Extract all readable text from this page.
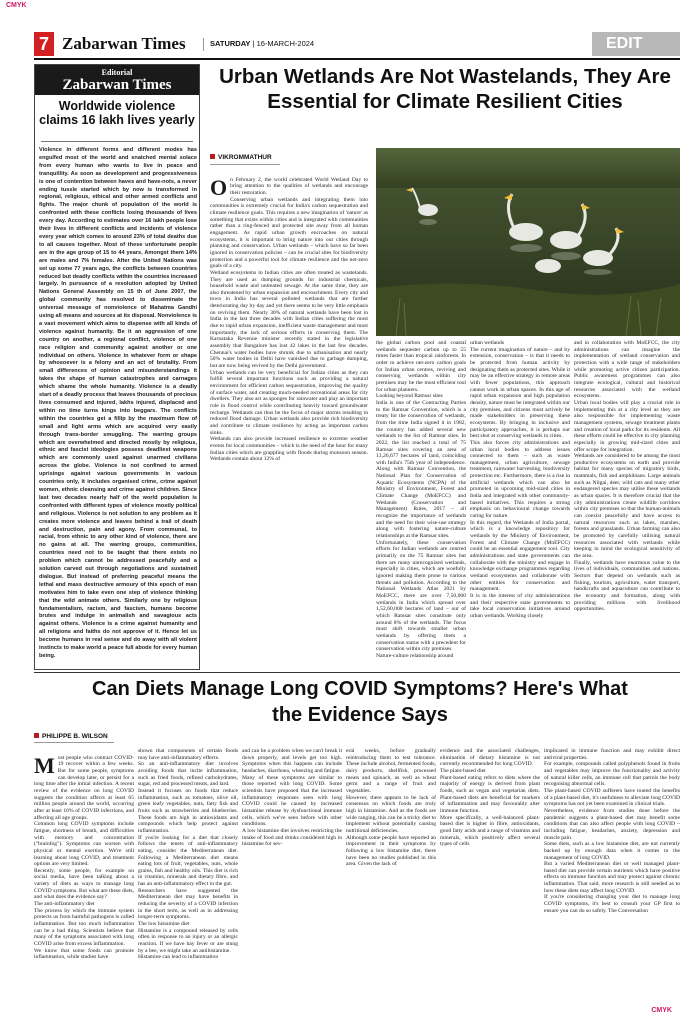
CMYK
7 Zabarwan Times	SATURDAY | 16-MARCH-2024	EDIT
Editorial
Zabarwan Times
Worldwide violence claims 16 lakh lives yearly
Violence in different forms and different modes has engulfed most of the world and snatched mental solace from every human who wants to live in peace and tranquillity. As soon as development and progressiveness is one of contention between haves and have-nots, a never ending tussle started which by now is transformed in regional, religious, ethical and other armed conflicts and fights. The major chunk of population of the world is confronted with these conflicts losing thousands of lives every day. According to estimates over 16 lakh people lose their lives in different conflicts and incidents of violence every year which comes to around 23% of total deaths due to all causes together. Most of these unfortunate people are in the age group of 15 to 44 years. Amongst them 14% are males and 7% females. After the United Nations was set up some 77 years ago, the conflicts between countries reduced but deadly conflicts within the countries increased largely. In pursuance of a resolution adopted by United Nations General Assembly on 15 th of June 2007, the global community has resolved to disseminate the universal message of nonviolence of Mahatma Gandhi using all means and sources at its disposal. Nonviolence is a vast movement which aims to dispense with all kinds of violence against humanity. Be it an aggression of one country on another, a regional conflict, violence of one race religion and community against another or one individual on others. Violence in whatever form or shape by whosoever is a felony and an act of brutality. From small differences of opinion and misunderstandings it takes the shape of human catastrophes and carnages which shame the whole humanity. Violence is a deadly start of a deadly process that leaves thousands of precious lives consumed and injured, lakhs injured, displaced and within no time turns kings into beggars. The conflicts within the countries get a fillip by the maximum flow of small and light arms which are acquired very easily through trans-border smuggling. The warring groups which are overwhelmed and directed mostly by religious, ethnic and fascist ideologies possess deadliest weapons which are commonly used against unarmed civilians across the globe. Violence is not confined to armed uprisings against various governments in various countries only, it includes organised crime, crime against women, ethnic cleansing and crime against children. Since last two decades nearly half of the world population is confronted with different types of violence mostly political and religious. Violence is not solution to any problem as it creates more violence and leaves behind a trail of death and destruction, pain and agony. From communal, to racial, from ethnic to any other kind of violence, there are no gains at all. The warring groups, communities, countries need not to be taught that there exists no problem which cannot be addressed peacefully and a solution carved out through negotiations and sustained dialogue. But instead of preferring peaceful means the lethal and mass destructive armoury of this epoch of man motivates him to take even one step of violence thinking that the wild animate others. Similarly one by religious fundamentalism, racism, and fascism, humans become brutes and indulge in animalish and savagious acts against others. Violence is a crime against humanity and all religions and faiths do not approve of it. Hence let us become humans in real sense and do away with all violent instincts to make world a peace full abode for every human being.
Urban Wetlands Are Not Wastelands, They Are Essential for Climate Resilient Cities
VIKROMMATHUR

On February 2, the world celebrated World Wetland Day to bring attention to the qualities of wetlands and encourage their restoration.
Conserving urban wetlands and integrating them into communities is extremely crucial for India's carbon sequestration and climate resilience goals. This requires a new imagination of 'nature' as something that exists within cities and is integrated with communities rather than a ring-fenced and protected site away from all human engagement. As rapid urban growth encroaches on natural ecosystems, it is important to bring nature into our cities through planning and conservation. Urban wetlands – which have so far been ignored in conservation policies – can be crucial sites for biodiversity protection and a powerful tool for climate resilience and the net-zero goals of a city.
Wetland ecosystems in Indian cities are often treated as wastelands. They are used as dumping grounds for industrial chemicals, household waste and untreated sewage. At the same time, they are also threatened by urban expansion and encroachment. Every city and town in India has several polluted wetlands that are further deteriorating day by day and yet there seems to be very little emphasis on reviving them. Nearly 30% of natural wetlands have been lost in India in the last three decades with Indian cities suffering the most due to rapid urban expansion, inefficient waste management and most importantly, the lack of serious efforts in conserving them. The Karnataka Revenue minister recently stated in the legislative assembly that Bangalore has lost 42 lakes in the last few decades. Chennai's water bodies have shrunk due to urbanisation and nearly 50% water bodies in Delhi have vanished due to garbage dumping, but are now being revived by the Delhi government.
Urban wetlands can be very beneficial for Indian cities as they can fulfill several important functions such as providing a natural environment for efficient carbon sequestration, improving the quality of surface water, and creating much-needed recreational areas for city dwellers. They also act as sponges for rainwater and play an important role in flood control while contributing heavily toward groundwater recharge. Wetlands can thus be the focus of major storms resulting in reduced flood damage. Urban wetlands also provide rich biodiversity and contribute to climate resilience by acting as important carbon sinks.
Wetlands can also provide increased resilience to extreme weather events for local communities – which is the need of the hour for many Indian cities which are grappling with floods during monsoon season. Wetlands contain about 12% of

the global carbon pool and coastal wetlands sequester carbon up to 55 times faster than tropical rainforests. In order to achieve net-zero carbon goals for Indian urban centres, reviving and conserving wetlands within city premises may be the most efficient tool for urban planners.
Looking beyond Ramsar sites
India is one of the Contracting Parties to the Ramsar Convention, which is a treaty for the conservation of wetlands, from the time India signed it in 1982, the country has added several new wetlands to the list of Ramsar sites. In 2022, the list reached a total of 75 Ramsar sites covering an area of 13,26,677 hectares of land, coinciding with India's 75th year of independence. Along with Ramsar Convention, the National Plan for Conservation of Aquatic Ecosystems (NCPA) of the Ministry of Environment, Forest and Climate Change (MoEFCC) and Wetlands (Conservation and Management) Rules, 2017 – all recognize the importance of wetlands and the need for their wise-use strategy along with fostering nature-culture relationships at the Ramsar sites.
Unfortunately, these conservation efforts for Indian wetlands are centred primarily on the 75 Ramsar sites but there are many unrecognized wetlands, especially in cities, which are woefully ignored making them prone to various threats and pollution. According to the National Wetlands Atlas 2021 by MoEFCC, there are over 7,50,000 wetlands in India which spread over 1,52,60,000 hectares of land – out of which Ramsar sites constitute only around 8% of the wetlands. The focus must shift towards smaller urban wetlands by offering them a conservation status with a precedent for conservation within city premises.
Nature-culture relationship around
urban wetlands
The current imagination of nature – and by extension, conservation – is that it needs to be protected from human activity by designating them as protected sites. While it may be an effective strategy in remote areas with fewer populations, this approach cannot work in urban spaces. In this age of rapid urban expansion and high population density, nature must be integrated within our city premises, and citizens must actively be made stakeholders in preserving these ecosystems. By bringing in inclusive and participatory approaches, it is perhaps our best shot at conserving wetlands in cities.
This also forces city administrations and urban local bodies to address issues connected to them – such as waste management, urban agriculture, sewage treatment, rainwater harvesting, biodiversity protection etc. Furthermore, there is a rise in artificial wetlands which can also be promoted in upcoming mid-sized cities in India and integrated with other community-based initiatives. This requires a strong emphasis on behavioural change towards caring for nature.
In this regard, the Wetlands of India portal, which is a knowledge repository for wetlands by the Ministry of Environment, Forest and Climate Change (MoEFCC) could be an essential engagement tool. City administrations and state governments can collaborate with the ministry and engage in knowledge exchange programmes regarding wetland ecosystems and collaborate with other entities for conservation and management.
It is in the interest of city administrations and their respective state governments to take local conservation initiatives around urban wetlands. Working closely
and in collaboration with MoEFCC, the city administrations can imagine the implementation of wetland conservation and protection with a wide range of stakeholders while promoting active citizen participation. Public awareness programmes can also integrate ecological, cultural and historical resources associated with the wetland ecosystems.
Urban local bodies will play a crucial role in implementing this at a city level as they are also responsible for implementing waste management systems, sewage treatment plants and creation of local parks for its residents. All these efforts could be effective in city planning especially in growing mid-sized cities and offer scope for integration.
Wetlands are considered to be among the most productive ecosystems on earth and provide habitat for many species of migratory birds, mammals, fish and amphibians. Large animals such as Nilgai, deer, wild cats and many other endangered species may utilise these wetlands as urban spaces. It is therefore crucial that the city administrations create wildlife corridors within city premises so that the human-animals can coexist peacefully and have access to natural resources such as lakes, marshes, forests and grasslands. Urban farming can also be promoted by carefully utilising natural resources associated with wetlands while keeping in mind the ecological sensitivity of the area.
Finally, wetlands have enormous value to the lives of individuals, communities and nations. Sectors that depend on wetlands such as fishing, tourism, agriculture, water transport, handicrafts and aquaculture can contribute to the economy and formation, along with providing millions with livelihood opportunities.
Can Diets Manage Long COVID Symptoms? Here's What the Evidence Says
PHILIPPE B. WILSON

Most people who contract COVID-19 recover within a few weeks. But for some people, symptoms can develop later, or persist for a long time after the initial infection. A recent review of the evidence on long COVID suggests the condition affects at least 65 million people around the world, occurring after at least 10% of COVID infections, and affecting all age groups.
Common long COVID symptoms include fatigue, shortness of breath, and difficulties with memory and concentration ("brainfog"). Symptoms can worsen with physical or mental exertion. We're still learning about long COVID, and treatment options are very limited.
Recently, some people, for example on social media, have been talking about a variety of diets as ways to manage long COVID symptoms. But what are these diets, and what does the evidence say?
The anti-inflammatory diet
The process by which the immune system protects us from harmful pathogens is called inflammation. But too much inflammation can be a bad thing. Scientists believe that many of the symptoms associated with long COVID arise from excess inflammation.
We know that some foods can promote inflammation, while studies have

shown that components of certain foods may have anti-inflammatory effects.
So an anti-inflammatory diet involves avoiding foods that incite inflammation, such as fried foods, refined carbohydrates, sugar, red and processed meats, and lard.
Instead it focuses on foods that reduce inflammation, such as tomatoes, olive oil, green leafy vegetables, nuts, fatty fish and fruits such as strawberries and blueberries. These foods are high in antioxidants and compounds which help protect against inflammation.
If you're looking for a diet that closely follows the tenets of anti-inflammatory eating, consider the Mediterranean diet. Following a Mediterranean diet means eating lots of fruit, vegetables, nuts, whole grains, fish and healthy oils. This diet is rich in vitamins, minerals and dietary fibre, and has an anti-inflammatory effect in the gut.
Researchers have suggested the Mediterranean diet may have benefits in reducing the severity of a COVID infection in the short term, as well as in addressing longer-term symptoms.
The low histamine diet
Histamine is a compound released by cells often in response to an injury or an allergic reaction. If we have hay fever or are stung by a bee, we might take an antihistamine.
Histamine can lead to inflammation
and can be a problem when we can't break it down properly, and levels get too high. Symptoms when this happens can include headaches, diarrhoea, wheezing and fatigue.
Many of these symptoms are similar to those reported with long COVID. Some scientists have proposed that the increased inflammatory responses seen with long COVID could be caused by increased histamine release by dysfunctional immune cells, which we've seen before with other conditions.
A low histamine diet involves restricting the intake of food and drinks considered high in histamine for sev-
eral weeks, before gradually reintroducing them to test tolerance. These include alcohol, fermented foods, dairy products, shellfish, processed meats and spinach, as well as wheat germ and a range of fruit and vegetables.
However, there appears to be lack of consensus on which foods are truly high in histamine. And as the foods are wide ranging, this can be a tricky diet to implement without potentially causing nutritional deficiencies.
Although some people have reported an improvement in their symptoms by following a low histamine diet, there have been no studies published in this area. Given the lack of
evidence and the associated challenges, elimination of dietary histamine is not currently recommended for long COVID.
The plant-based diet
Plant-based eating refers to diets where the majority of energy is derived from plant foods, such as vegan and vegetarian diets. Plant-based diets are beneficial for markers of inflammation and may favourably alter immune function.
More specifically, a well-balanced plant-based diet is higher in fibre, antioxidants, good fatty acids and a range of vitamins and minerals, which positively affect several types of cells
implicated in immune function and may exhibit direct antiviral properties.
For example, compounds called polyphenols found in fruits and vegetables may improve the functionality and activity of natural killer cells, an immune cell that patrols the body recognising abnormal cells.
The plant-based COVID sufferers have touted the benefits of a plant-based diet, it's usefulness to alleviate long COVID symptoms has not yet been examined in clinical trials.
Nevertheless, evidence from studies done before the pandemic suggests a plant-based diet may benefit some conditions that can also affect people with long COVID – including fatigue, headaches, anxiety, depression and muscle pain.
Some diets, such as a low histamine diet, are not currently backed up by enough data when it comes to the management of long COVID.
But a varied Mediterranean diet or well managed plant-based diet can provide certain nutrients which have positive effects on immune function and may protect against chronic inflammation. That said, more research is still needed as to how these diets may affect long COVID.
If you're considering changing your diet to manage long COVID symptoms, it's best to consult your GP first to ensure you can do so safely. The Conversation
CMYK
